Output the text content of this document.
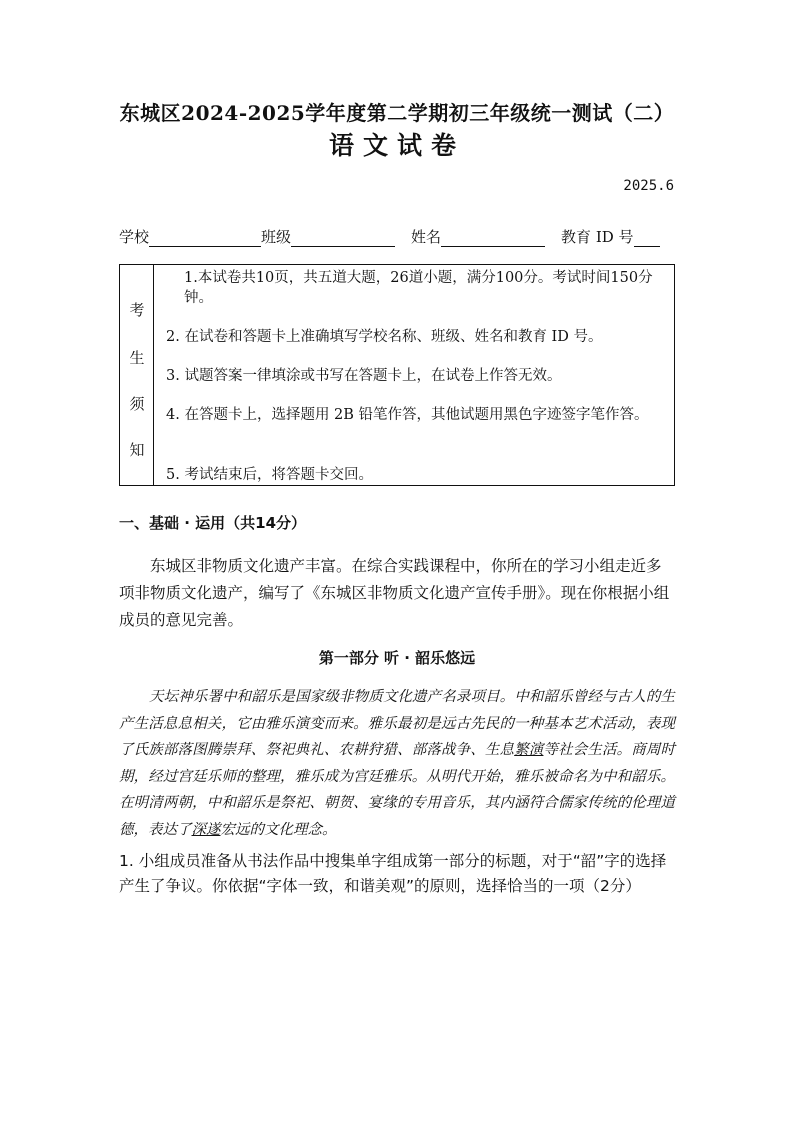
东城区2024-2025学年度第二学期初三年级统一测试（二）
语文试卷
2025.6
学校	班级	姓名	教育 ID 号
考
生
须
知
1.本试卷共10页，共五道大题，26道小题，满分100分。考试时间150分钟。
2. 在试卷和答题卡上准确填写学校名称、班级、姓名和教育 ID 号。
3. 试题答案一律填涂或书写在答题卡上，在试卷上作答无效。
4. 在答题卡上，选择题用 2B 铅笔作答，其他试题用黑色字迹签字笔作答。
5. 考试结束后，将答题卡交回。
一、基础 · 运用（共14分）
东城区非物质文化遗产丰富。在综合实践课程中，你所在的学习小组走近多项非物质文化遗产，编写了《东城区非物质文化遗产宣传手册》。现在你根据小组成员的意见完善。
第一部分 听 · 韶乐悠远
天坛神乐署中和韶乐是国家级非物质文化遗产名录项目。中和韶乐曾经与古人的生产生活息息相关，它由雅乐演变而来。雅乐最初是远古先民的一种基本艺术活动，表现了氏族部落图腾崇拜、祭祀典礼、农耕狩猎、部落战争、生息繁演等社会生活。商周时期，经过宫廷乐师的整理，雅乐成为宫廷雅乐。从明代开始，雅乐被命名为中和韶乐。在明清两朝，中和韶乐是祭祀、朝贺、宴缘的专用音乐，其内涵符合儒家传统的伦理道德，表达了深遂宏远的文化理念。
1. 小组成员准备从书法作品中搜集单字组成第一部分的标题，对于“韶”字的选择产生了争议。你依据“字体一致，和谐美观”的原则，选择恰当的一项（2分）
